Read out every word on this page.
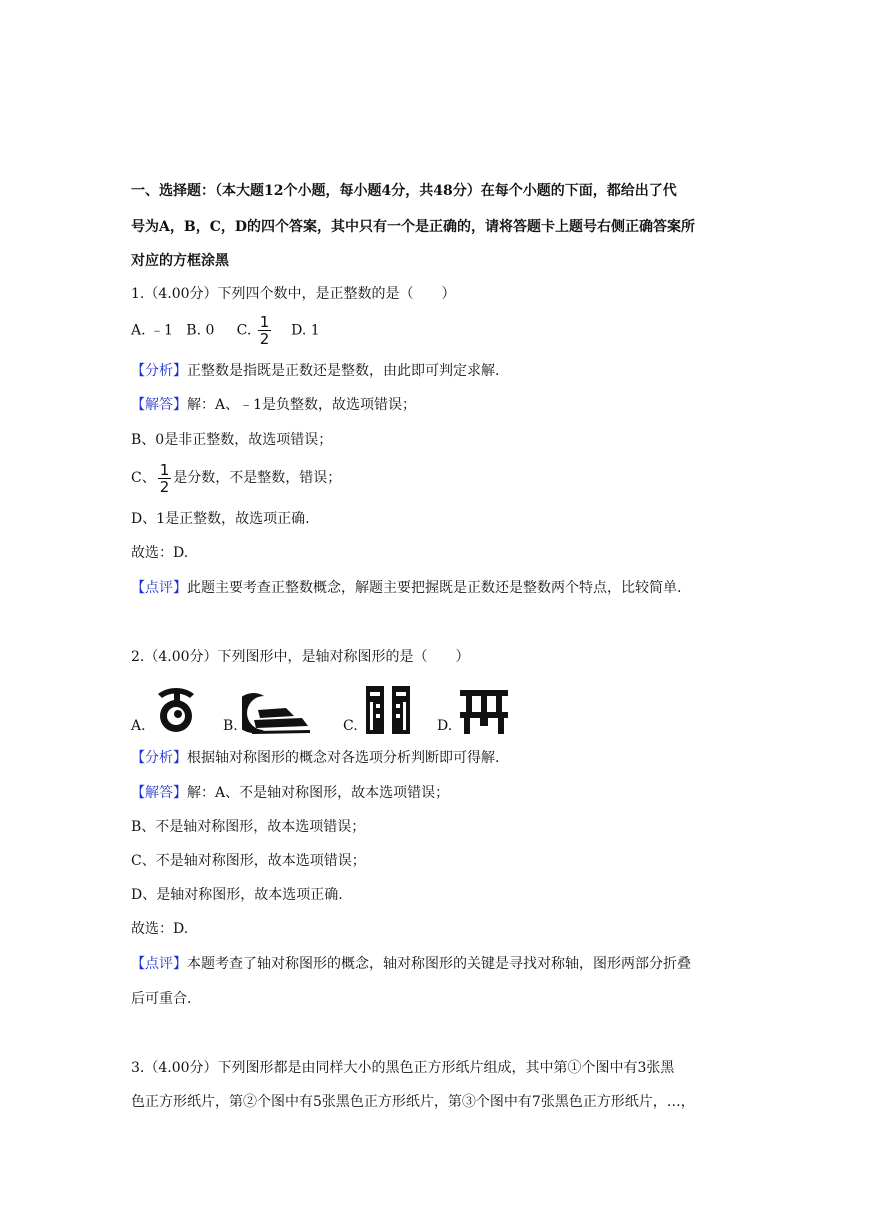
一、选择题：（本大题12个小题，每小题4分，共48分）在每个小题的下面，都给出了代
号为A，B，C，D的四个答案，其中只有一个是正确的，请将答题卡上题号右侧正确答案所
对应的方框涂黑
1.（4.00分）下列四个数中，是正整数的是（　　）
A. ﹣1 B. 0 C. $\frac{1}{2} D$. 1
【分析】正整数是指既是正数还是整数，由此即可判定求解.
【解答】解：A、﹣1是负整数，故选项错误；
B、0是非正整数，故选项错误；
C、 $\frac{1}{2}$ 是分数，不是整数，错误；
D、1是正整数，故选项正确.
故选：D.
【点评】此题主要考查正整数概念，解题主要把握既是正数还是整数两个特点，比较简单.
2.（4.00分）下列图形中，是轴对称图形的是（　　）
A.	B.	C.	D.
【分析】根据轴对称图形的概念对各选项分析判断即可得解.
【解答】解：A、不是轴对称图形，故本选项错误；
B、不是轴对称图形，故本选项错误；
C、不是轴对称图形，故本选项错误；
D、是轴对称图形，故本选项正确.
故选：D.
【点评】本题考查了轴对称图形的概念，轴对称图形的关键是寻找对称轴，图形两部分折叠
后可重合.
3.（4.00分）下列图形都是由同样大小的黑色正方形纸片组成，其中第①个图中有3张黑
色正方形纸片，第②个图中有5张黑色正方形纸片，第③个图中有7张黑色正方形纸片，…，
